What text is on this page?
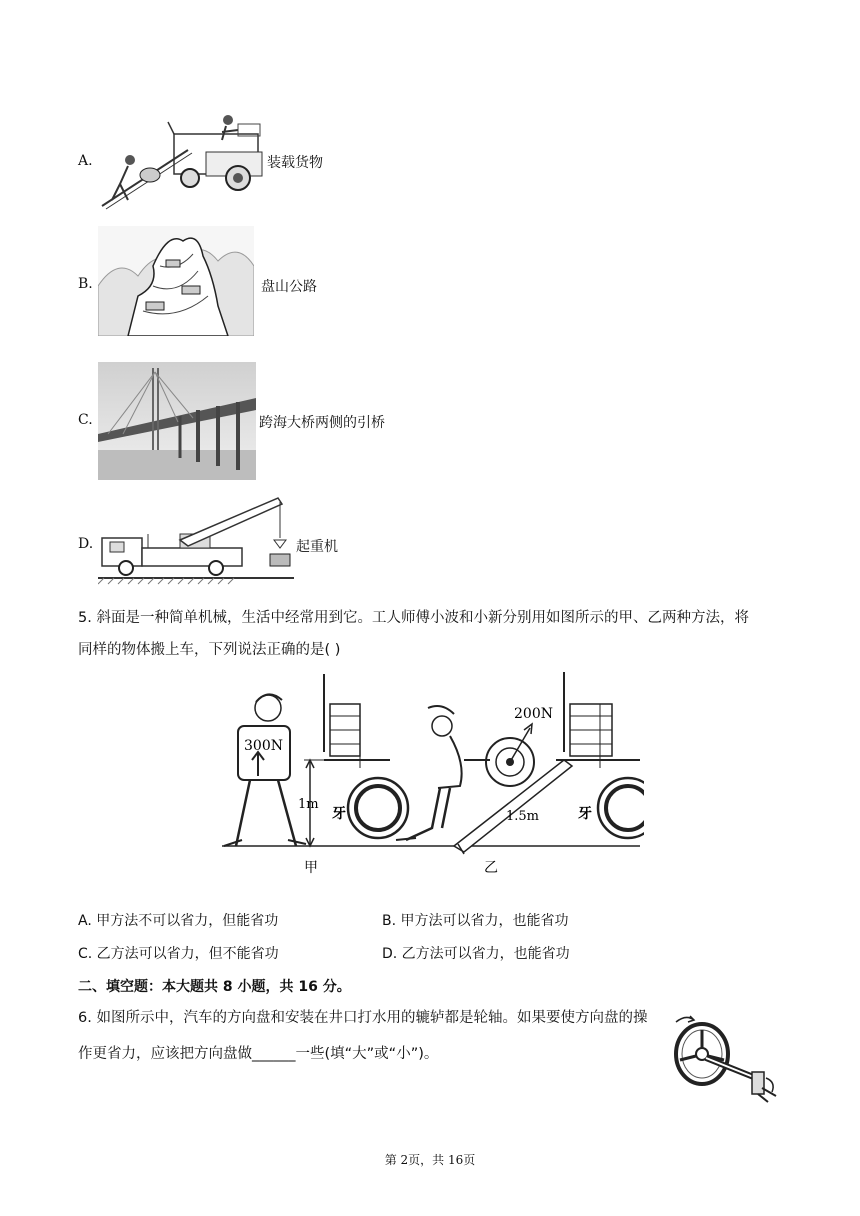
A.	装载货物
B.	盘山公路
C.	跨海大桥两侧的引桥
D.	起重机
5. 斜面是一种简单机械，生活中经常用到它。工人师傅小波和小新分别用如图所示的甲、乙两种方法，将
同样的物体搬上车，下列说法正确的是( )
牙
300N
1m
牙
1.5m
200N
甲	乙
A. 甲方法不可以省力，但能省功	B. 甲方法可以省力，也能省功
C. 乙方法可以省力，但不能省功	D. 乙方法可以省力，也能省功
二、填空题：本大题共 8 小题，共 16 分。
6. 如图所示中，汽车的方向盘和安装在井口打水用的辘轳都是轮轴。如果要使方向盘的操
作更省力，应该把方向盘做______一些(填“大”或“小”)。
第 2页，共 16页
